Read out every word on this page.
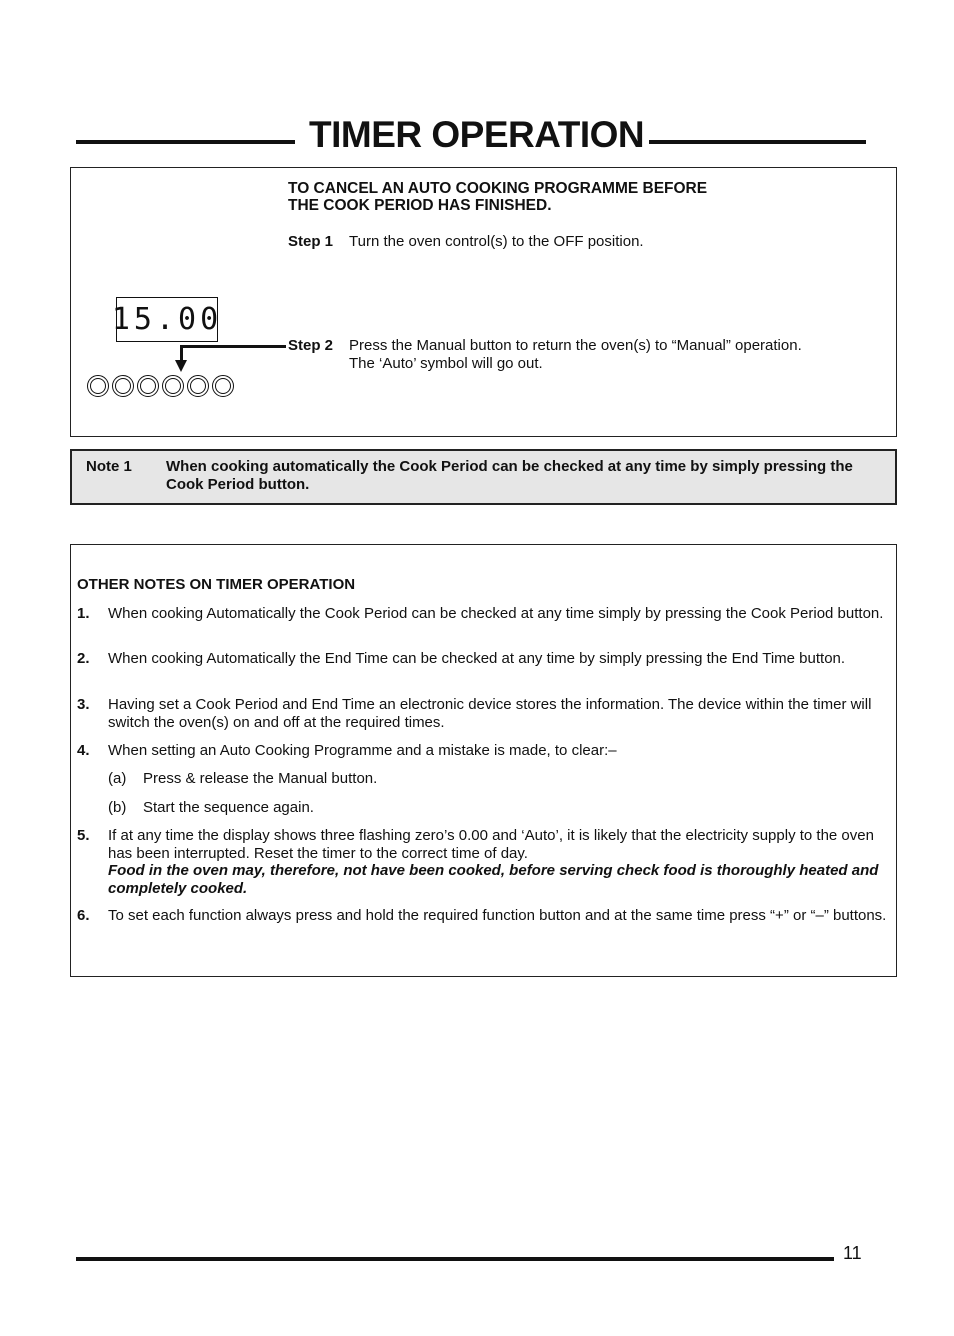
TIMER OPERATION
15.00
TO CANCEL AN AUTO COOKING PROGRAMME BEFORE
THE COOK PERIOD HAS FINISHED.
Step 1 Turn the oven control(s) to the OFF position.
Step 2 Press the Manual button to return the oven(s) to “Manual” operation.
The ‘Auto’ symbol will go out.
Note 1 When cooking automatically the Cook Period can be checked at any time by simply pressing the Cook Period button.
OTHER NOTES ON TIMER OPERATION
1. When cooking Automatically the Cook Period can be checked at any time simply by pressing the Cook Period button.
2. When cooking Automatically the End Time can be checked at any time by simply pressing the End Time button.
3. Having set a Cook Period and End Time an electronic device stores the information. The device within the timer will switch the oven(s) on and off at the required times.
4. When setting an Auto Cooking Programme and a mistake is made, to clear:–
(a) Press & release the Manual button.
(b) Start the sequence again.
5. If at any time the display shows three flashing zero’s 0.00 and ‘Auto’, it is likely that the electricity supply to the oven has been interrupted. Reset the timer to the correct time of day.
Food in the oven may, therefore, not have been cooked, before serving check food is thoroughly heated and completely cooked.
6. To set each function always press and hold the required function button and at the same time press “+” or “–” buttons.
11
